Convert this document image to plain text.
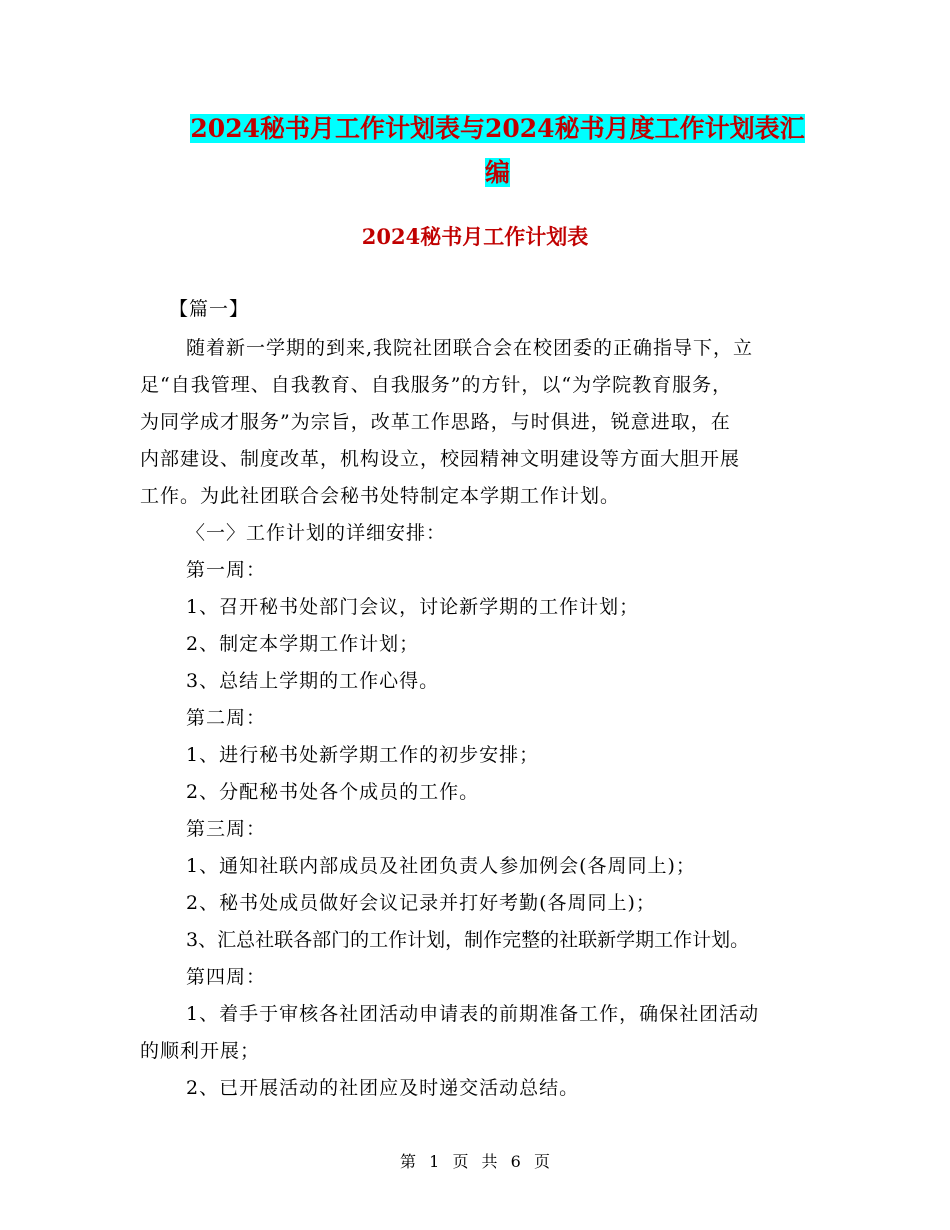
2024秘书月工作计划表与2024秘书月度工作计划表汇
编
2024秘书月工作计划表
【篇一】
随着新一学期的到来,我院社团联合会在校团委的正确指导下，立
足“自我管理、自我教育、自我服务”的方针，以“为学院教育服务，
为同学成才服务”为宗旨，改革工作思路，与时俱进，锐意进取，在
内部建设、制度改革，机构设立，校园精神文明建设等方面大胆开展
工作。为此社团联合会秘书处特制定本学期工作计划。
〈一〉工作计划的详细安排：
第一周：
1、召开秘书处部门会议，讨论新学期的工作计划；
2、制定本学期工作计划；
3、总结上学期的工作心得。
第二周：
1、进行秘书处新学期工作的初步安排；
2、分配秘书处各个成员的工作。
第三周：
1、通知社联内部成员及社团负责人参加例会(各周同上)；
2、秘书处成员做好会议记录并打好考勤(各周同上)；
3、汇总社联各部门的工作计划，制作完整的社联新学期工作计划。
第四周：
1、着手于审核各社团活动申请表的前期准备工作，确保社团活动
的顺利开展；
2、已开展活动的社团应及时递交活动总结。
第 1 页 共 6 页
